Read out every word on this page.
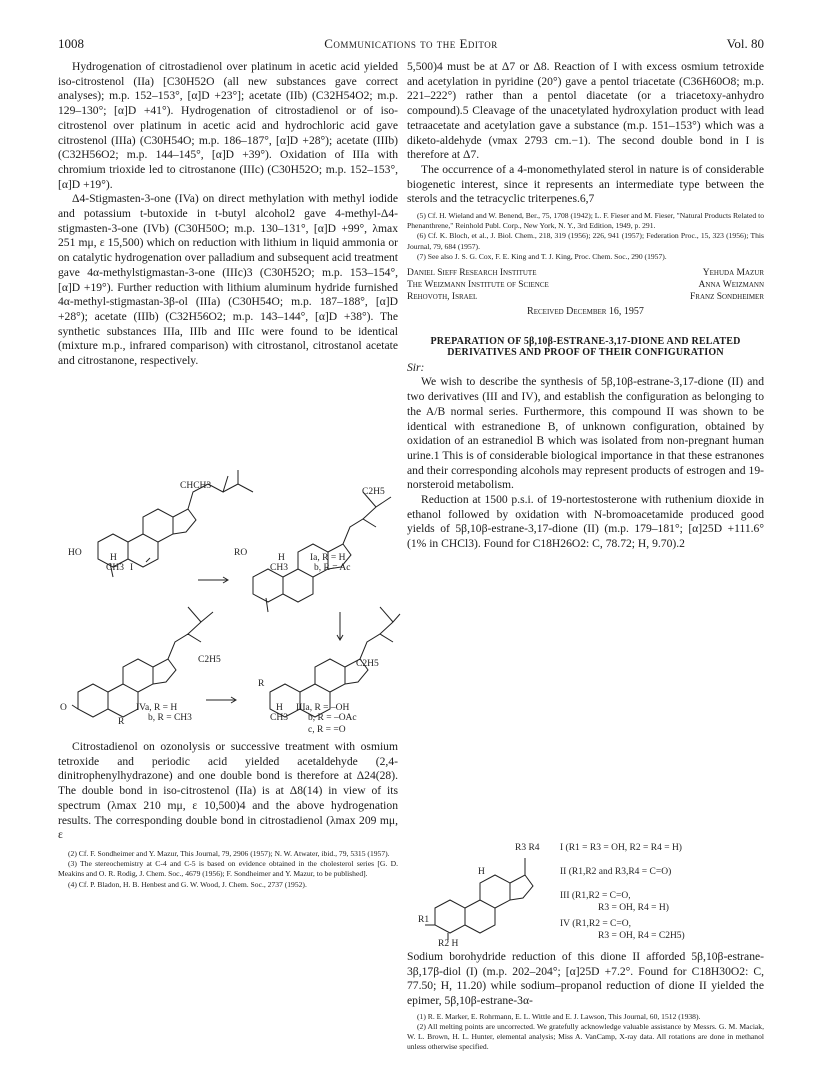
1008	Communications to the Editor	Vol. 80

Hydrogenation of citrostadienol over platinum in acetic acid yielded iso-citrostenol (IIa) [C30H52O (all new substances gave correct analyses); m.p. 152–153°, [α]D +23°]; acetate (IIb) (C32H54O2; m.p. 129–130°; [α]D +41°). Hydrogenation of citrostadienol or of iso-citrostenol over platinum in acetic acid and hydrochloric acid gave citrostenol (IIIa) (C30H54O; m.p. 186–187°, [α]D +28°); acetate (IIIb) (C32H56O2; m.p. 144–145°, [α]D +39°). Oxidation of IIIa with chromium trioxide led to citrostanone (IIIc) (C30H52O; m.p. 152–153°, [α]D +19°).

Δ4-Stigmasten-3-one (IVa) on direct methylation with methyl iodide and potassium t-butoxide in t-butyl alcohol2 gave 4-methyl-Δ4-stigmasten-3-one (IVb) (C30H50O; m.p. 130–131°, [α]D +99°, λmax 251 mμ, ε 15,500) which on reduction with lithium in liquid ammonia or on catalytic hydrogenation over palladium and subsequent acid treatment gave 4α-methylstigmastan-3-one (IIIc)3 (C30H52O; m.p. 153–154°, [α]D +19°). Further reduction with lithium aluminum hydride furnished 4α-methyl-stigmastan-3β-ol (IIIa) (C30H54O; m.p. 187–188°, [α]D +28°); acetate (IIIb) (C32H56O2; m.p. 143–144°, [α]D +38°). The synthetic substances IIIa, IIIb and IIIc were found to be identical (mixture m.p., infrared comparison) with citrostanol, citrostanol acetate and citrostanone, respectively.

CHCH3
HO	H
CH3 I
C2H5
RO	H
CH3
Ia, R = H
b, R = Ac
C2H5
O
R
IVa, R = H
b, R = CH3
C2H5
R
H
CH3
IIIa, R = –OH
b, R = –OAc
c, R = =O

Citrostadienol on ozonolysis or successive treatment with osmium tetroxide and periodic acid yielded acetaldehyde (2,4-dinitrophenylhydrazone) and one double bond is therefore at Δ24(28). The double bond in iso-citrostenol (IIa) is at Δ8(14) in view of its spectrum (λmax 210 mμ, ε 10,500)4 and the above hydrogenation results. The corresponding double bond in citrostadienol (λmax 209 mμ, ε

(2) Cf. F. Sondheimer and Y. Mazur, This Journal, 79, 2906 (1957); N. W. Atwater, ibid., 79, 5315 (1957).

(3) The stereochemistry at C-4 and C-5 is based on evidence obtained in the cholesterol series [G. D. Meakins and O. R. Rodig, J. Chem. Soc., 4679 (1956); F. Sondheimer and Y. Mazur, to be published].

(4) Cf. P. Bladon, H. B. Henbest and G. W. Wood, J. Chem. Soc., 2737 (1952).

5,500)4 must be at Δ7 or Δ8. Reaction of I with excess osmium tetroxide and acetylation in pyridine (20°) gave a pentol triacetate (C36H60O8; m.p. 221–222°) rather than a pentol diacetate (or a triacetoxy-anhydro compound).5 Cleavage of the unacetylated hydroxylation product with lead tetraacetate and acetylation gave a substance (m.p. 151–153°) which was a diketo-aldehyde (νmax 2793 cm.−1). The second double bond in I is therefore at Δ7.

The occurrence of a 4-monomethylated sterol in nature is of considerable biogenetic interest, since it represents an intermediate type between the sterols and the tetracyclic triterpenes.6,7

(5) Cf. H. Wieland and W. Benend, Ber., 75, 1708 (1942); L. F. Fieser and M. Fieser, "Natural Products Related to Phenanthrene," Reinhold Publ. Corp., New York, N. Y., 3rd Edition, 1949, p. 291.

(6) Cf. K. Bloch, et al., J. Biol. Chem., 218, 319 (1956); 226, 941 (1957); Federation Proc., 15, 323 (1956); This Journal, 79, 684 (1957).

(7) See also J. S. G. Cox, F. E. King and T. J. King, Proc. Chem. Soc., 290 (1957).

Daniel Sieff Research Institute	Yehuda Mazur
The Weizmann Institute of Science	Anna Weizmann
Rehovoth, Israel	Franz Sondheimer
Received December 16, 1957
PREPARATION OF 5β,10β-ESTRANE-3,17-DIONE AND RELATED DERIVATIVES AND PROOF OF THEIR CONFIGURATION
Sir:

We wish to describe the synthesis of 5β,10β-estrane-3,17-dione (II) and two derivatives (III and IV), and establish the configuration as belonging to the A/B normal series. Furthermore, this compound II was shown to be identical with estranedione B, of unknown configuration, obtained by oxidation of an estranediol B which was isolated from non-pregnant human urine.1 This is of considerable biological importance in that these estranones and their corresponding alcohols may represent products of estrogen and 19-norsteroid metabolism.

Reduction at 1500 p.s.i. of 19-nortestosterone with ruthenium dioxide in ethanol followed by oxidation with N-bromoacetamide produced good yields of 5β,10β-estrane-3,17-dione (II) (m.p. 179–181°; [α]25D +111.6° (1% in CHCl3). Found for C18H26O2: C, 78.72; H, 9.70).2

R3 R4
H
R1
R2 H
I (R1 = R3 = OH, R2 = R4 = H)
II (R1,R2 and R3,R4 = C=O)
III (R1,R2 = C=O,
R3 = OH, R4 = H)
IV (R1,R2 = C=O,
R3 = OH, R4 = C2H5)

Sodium borohydride reduction of this dione II afforded 5β,10β-estrane-3β,17β-diol (I) (m.p. 202–204°; [α]25D +7.2°. Found for C18H30O2: C, 77.50; H, 11.20) while sodium–propanol reduction of dione II yielded the epimer, 5β,10β-estrane-3α-

(1) R. E. Marker, E. Rohrmann, E. L. Wittle and E. J. Lawson, This Journal, 60, 1512 (1938).

(2) All melting points are uncorrected. We gratefully acknowledge valuable assistance by Messrs. G. M. Maciak, W. L. Brown, H. L. Hunter, elemental analysis; Miss A. VanCamp, X-ray data. All rotations are done in methanol unless otherwise specified.
